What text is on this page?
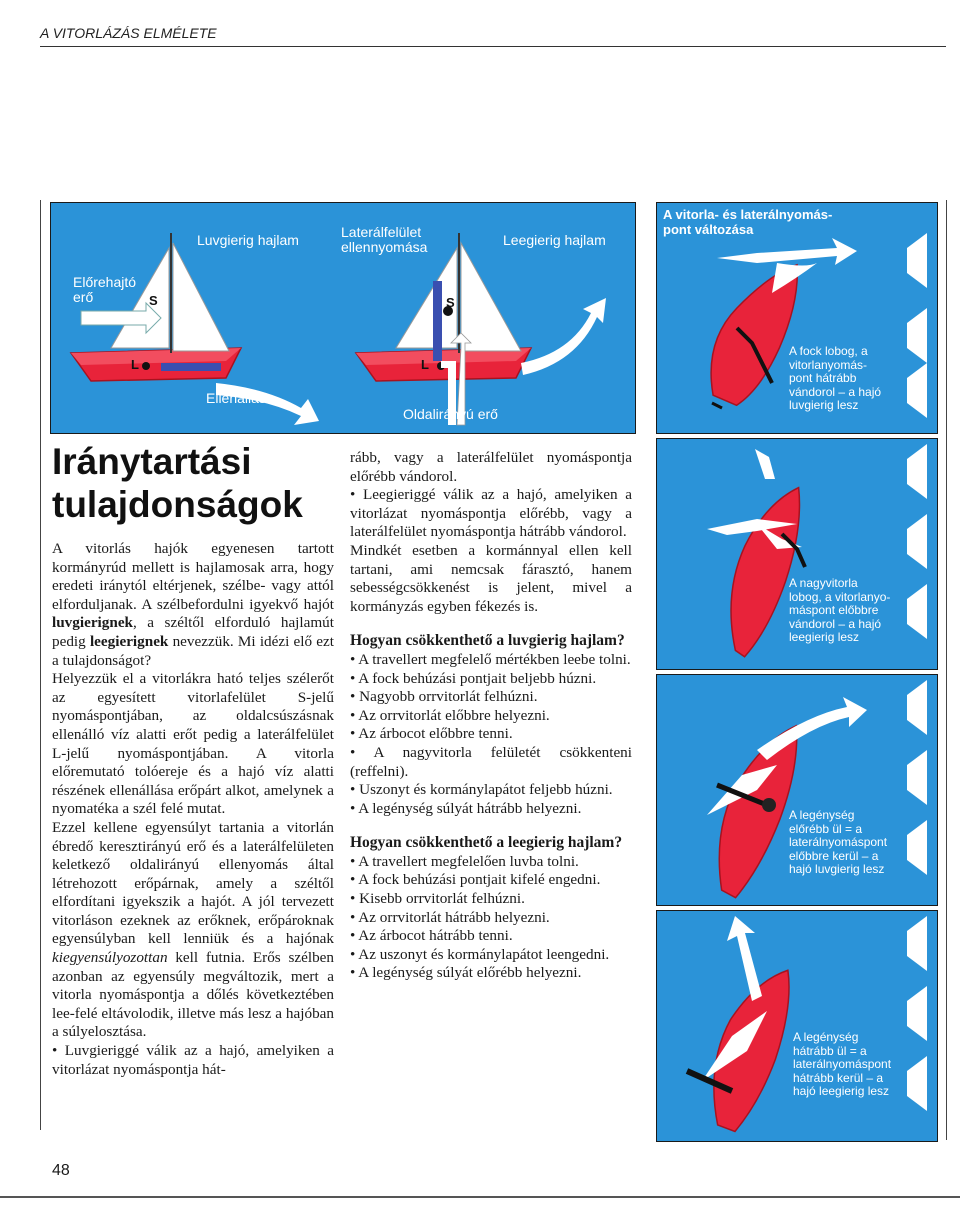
A VITORLÁZÁS ELMÉLETE
Luvgierig hajlam
Előrehajtó
erő	S
L
Ellenállás
Laterálfelület
ellennyomása	Leegierig hajlam
S
L
Oldalirányú erő
A vitorla- és laterálnyomás-
pont változása
A fock lobog, a
vitorlanyomás-
pont hátrább
vándorol – a hajó
luvgierig lesz
A nagyvitorla
lobog, a vitorlanyo-
máspont előbbre
vándorol – a hajó
leegierig lesz
A legénység
előrébb ül = a
laterálnyomáspont
előbbre kerül – a
hajó luvgierig lesz
A legénység
hátrább ül = a
laterálnyomáspont
hátrább kerül – a
hajó leegierig lesz
Iránytartási
tulajdonságok

A vitorlás hajók egyenesen tartott kormányrúd mellett is hajlamosak arra, hogy eredeti iránytól eltérjenek, szélbe- vagy attól elforduljanak. A szélbefordulni igyekvő hajót luvgierignek, a széltől elforduló hajlamút pedig leegierignek nevezzük. Mi idézi elő ezt a tulajdonságot?

Helyezzük el a vitorlákra ható teljes szélerőt az egyesített vitorlafelület S-jelű nyomáspontjában, az oldalcsúszásnak ellenálló víz alatti erőt pedig a laterálfelület L-jelű nyomáspontjában. A vitorla előremutató tolóereje és a hajó víz alatti részének ellenállása erőpárt alkot, amelynek a nyomatéka a szél felé mutat.

Ezzel kellene egyensúlyt tartania a vitorlán ébredő keresztirányú erő és a laterálfelületen keletkező oldalirányú ellenyomás által létrehozott erőpárnak, amely a széltől elfordítani igyekszik a hajót. A jól tervezett vitorláson ezeknek az erőknek, erőpároknak egyensúlyban kell lenniük és a hajónak kiegyensúlyozottan kell futnia. Erős szélben azonban az egyensúly megváltozik, mert a vitorla nyomáspontja a dőlés következtében lee-felé eltávolodik, illetve más lesz a hajóban a súlyelosztása.

• Luvgieriggé válik az a hajó, amelyiken a vitorlázat nyomáspontja hát-

rább, vagy a laterálfelület nyomáspontja előrébb vándorol.

• Leegieriggé válik az a hajó, amelyiken a vitorlázat nyomáspontja előrébb, vagy a laterálfelület nyomáspontja hátrább vándorol.

Mindkét esetben a kormánnyal ellen kell tartani, ami nemcsak fárasztó, hanem sebességcsökkenést is jelent, mivel a kormányzás egyben fékezés is.

Hogyan csökkenthető a luvgierig hajlam?
• A travellert megfelelő mértékben leebe tolni.
• A fock behúzási pontjait beljebb húzni.
• Nagyobb orrvitorlát felhúzni.
• Az orrvitorlát előbbre helyezni.
• Az árbocot előbbre tenni.
• A nagyvitorla felületét csökkenteni (reffelni).
• Uszonyt és kormánylapátot feljebb húzni.
• A legénység súlyát hátrább helyezni.
Hogyan csökkenthető a leegierig hajlam?
• A travellert megfelelően luvba tolni.
• A fock behúzási pontjait kifelé engedni.
• Kisebb orrvitorlát felhúzni.
• Az orrvitorlát hátrább helyezni.
• Az árbocot hátrább tenni.
• Az uszonyt és kormánylapátot leengedni.
• A legénység súlyát előrébb helyezni.
48
